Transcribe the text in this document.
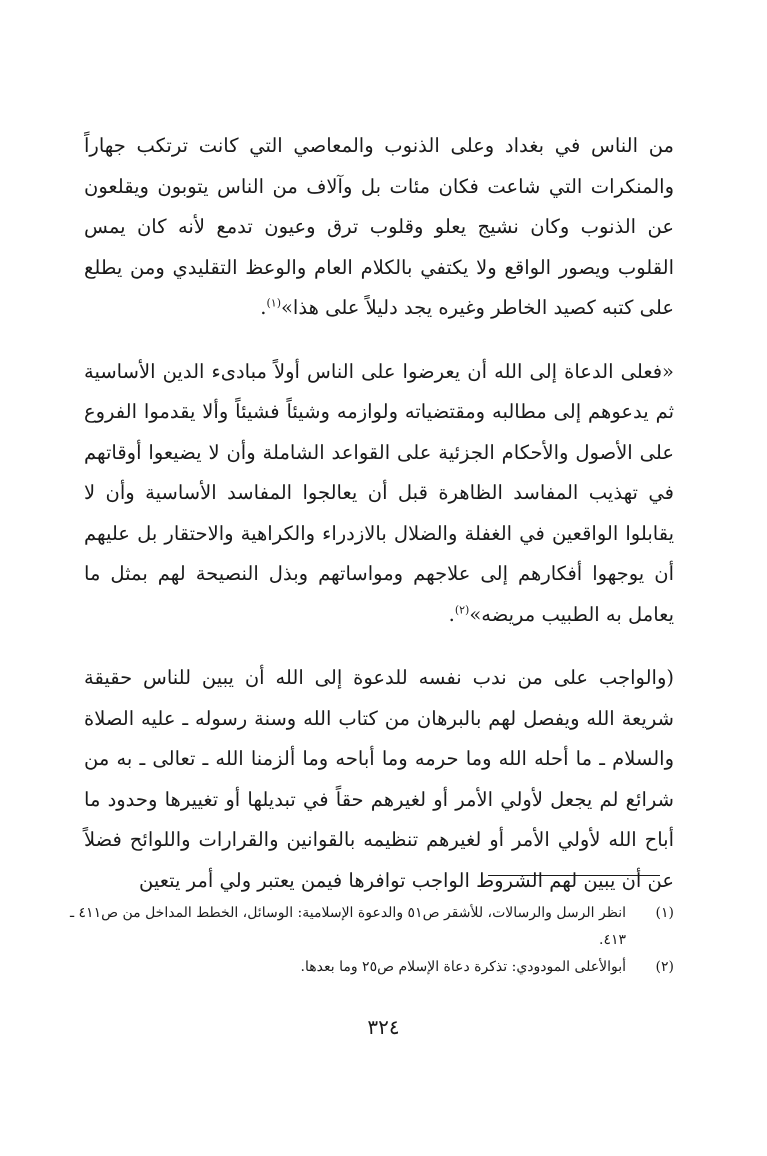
من الناس في بغداد وعلى الذنوب والمعاصي التي كانت ترتكب جهاراً والمنكرات التي شاعت فكان مئات بل وآلاف من الناس يتوبون ويقلعون عن الذنوب وكان نشيج يعلو وقلوب ترق وعيون تدمع لأنه كان يمس القلوب ويصور الواقع ولا يكتفي بالكلام العام والوعظ التقليدي ومن يطلع على كتبه كصيد الخاطر وغيره يجد دليلاً على هذا»$^{(١)}$.

«فعلى الدعاة إلى الله أن يعرضوا على الناس أولاً مبادىء الدين الأساسية ثم يدعوهم إلى مطالبه ومقتضياته ولوازمه وشيئاً فشيئاً وألا يقدموا الفروع على الأصول والأحكام الجزئية على القواعد الشاملة وأن لا يضيعوا أوقاتهم في تهذيب المفاسد الظاهرة قبل أن يعالجوا المفاسد الأساسية وأن لا يقابلوا الواقعين في الغفلة والضلال بالازدراء والكراهية والاحتقار بل عليهم أن يوجهوا أفكارهم إلى علاجهم ومواساتهم وبذل النصيحة لهم بمثل ما يعامل به الطبيب مريضه»$^{(٢)}$.

(والواجب على من ندب نفسه للدعوة إلى الله أن يبين للناس حقيقة شريعة الله ويفصل لهم بالبرهان من كتاب الله وسنة رسوله ـ عليه الصلاة والسلام ـ ما أحله الله وما حرمه وما أباحه وما ألزمنا الله ـ تعالى ـ به من شرائع لم يجعل لأولي الأمر أو لغيرهم حقاً في تبديلها أو تغييرها وحدود ما أباح الله لأولي الأمر أو لغيرهم تنظيمه بالقوانين والقرارات واللوائح فضلاً عن أن يبين لهم الشروط الواجب توافرها فيمن يعتبر ولي أمر يتعين

(١)
انظر الرسل والرسالات، للأشقر ص٥١ والدعوة الإسلامية: الوسائل، الخطط المداخل من ص٤١١ ـ ٤١٣.

(٢)
أبوالأعلى المودودي: تذكرة دعاة الإسلام ص٢٥ وما بعدها.

٣٢٤
